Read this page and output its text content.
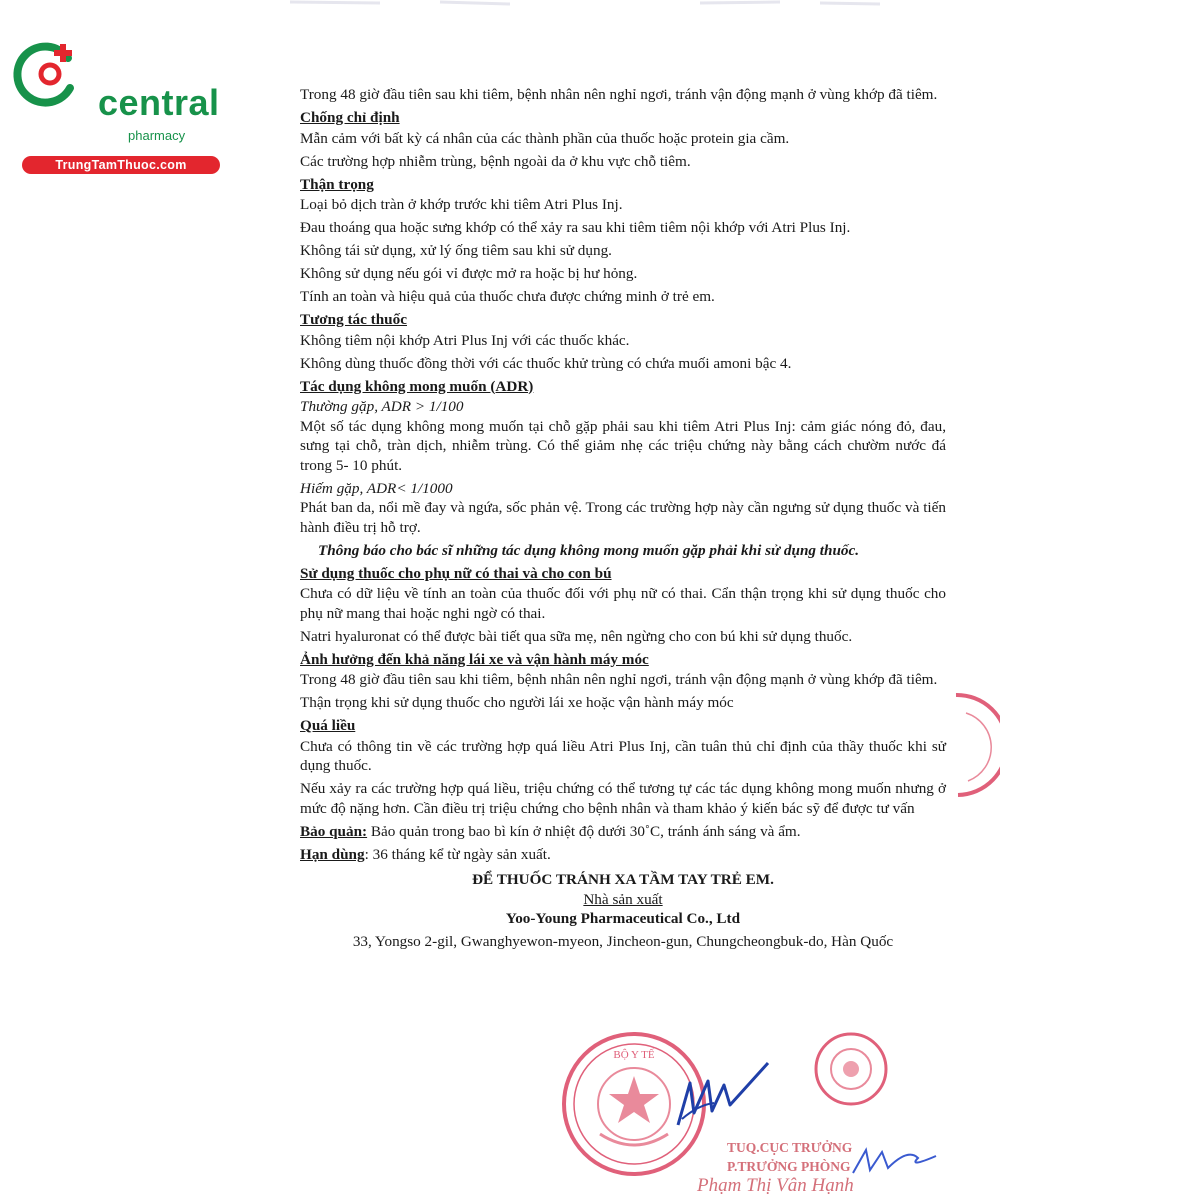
central
pharmacy
TrungTamThuoc.com

Trong 48 giờ đầu tiên sau khi tiêm, bệnh nhân nên nghỉ ngơi, tránh vận động mạnh ở vùng khớp đã tiêm.

Chống chỉ định

Mẫn cảm với bất kỳ cá nhân của các thành phần của thuốc hoặc protein gia cầm.

Các trường hợp nhiễm trùng, bệnh ngoài da ở khu vực chỗ tiêm.

Thận trọng

Loại bỏ dịch tràn ở khớp trước khi tiêm Atri Plus Inj.

Đau thoáng qua hoặc sưng khớp có thể xảy ra sau khi tiêm tiêm nội khớp với Atri Plus Inj.

Không tái sử dụng, xử lý ống tiêm sau khi sử dụng.

Không sử dụng nếu gói vỉ được mở ra hoặc bị hư hỏng.

Tính an toàn và hiệu quả của thuốc chưa được chứng minh ở trẻ em.

Tương tác thuốc

Không tiêm nội khớp Atri Plus Inj với các thuốc khác.

Không dùng thuốc đồng thời với các thuốc khử trùng có chứa muối amoni bậc 4.

Tác dụng không mong muốn (ADR)

Thường gặp, ADR > 1/100

Một số tác dụng không mong muốn tại chỗ gặp phải sau khi tiêm Atri Plus Inj: cảm giác nóng đỏ, đau, sưng tại chỗ, tràn dịch, nhiễm trùng. Có thể giảm nhẹ các triệu chứng này bằng cách chườm nước đá trong 5- 10 phút.

Hiếm gặp, ADR< 1/1000

Phát ban da, nổi mề đay và ngứa, sốc phản vệ. Trong các trường hợp này cần ngưng sử dụng thuốc và tiến hành điều trị hỗ trợ.

Thông báo cho bác sĩ những tác dụng không mong muốn gặp phải khi sử dụng thuốc.

Sử dụng thuốc cho phụ nữ có thai và cho con bú

Chưa có dữ liệu về tính an toàn của thuốc đối với phụ nữ có thai. Cẩn thận trọng khi sử dụng thuốc cho phụ nữ mang thai hoặc nghi ngờ có thai.

Natri hyaluronat có thể được bài tiết qua sữa mẹ, nên ngừng cho con bú khi sử dụng thuốc.

Ảnh hưởng đến khả năng lái xe và vận hành máy móc

Trong 48 giờ đầu tiên sau khi tiêm, bệnh nhân nên nghỉ ngơi, tránh vận động mạnh ở vùng khớp đã tiêm.

Thận trọng khi sử dụng thuốc cho người lái xe hoặc vận hành máy móc

Quá liều

Chưa có thông tin về các trường hợp quá liều Atri Plus Inj, cần tuân thủ chỉ định của thầy thuốc khi sử dụng thuốc.

Nếu xảy ra các trường hợp quá liều, triệu chứng có thể tương tự các tác dụng không mong muốn nhưng ở mức độ nặng hơn. Cần điều trị triệu chứng cho bệnh nhân và tham khảo ý kiến bác sỹ để được tư vấn

Bảo quản: Bảo quản trong bao bì kín ở nhiệt độ dưới 30˚C, tránh ánh sáng và ẩm.

Hạn dùng: 36 tháng kể từ ngày sản xuất.

ĐỂ THUỐC TRÁNH XA TẦM TAY TRẺ EM.
Nhà sản xuất
Yoo-Young Pharmaceutical Co., Ltd
33, Yongso 2-gil, Gwanghyewon-myeon, Jincheon-gun, Chungcheongbuk-do, Hàn Quốc
BỘ Y TẾ
TUQ.CỤC TRƯỞNG
P.TRƯỞNG PHÒNG
Phạm Thị Vân Hạnh
